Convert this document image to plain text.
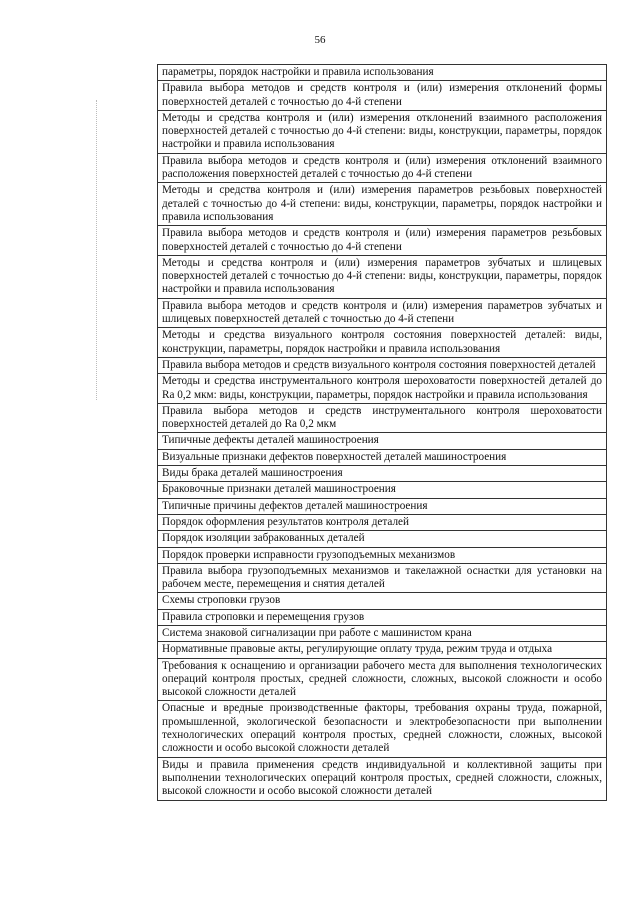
56
параметры, порядок настройки и правила использования
Правила выбора методов и средств контроля и (или) измерения отклонений формы поверхностей деталей с точностью до 4-й степени
Методы и средства контроля и (или) измерения отклонений взаимного расположения поверхностей деталей с точностью до 4-й степени: виды, конструкции, параметры, порядок настройки и правила использования
Правила выбора методов и средств контроля и (или) измерения отклонений взаимного расположения поверхностей деталей с точностью до 4-й степени
Методы и средства контроля и (или) измерения параметров резьбовых поверхностей деталей с точностью до 4-й степени: виды, конструкции, параметры, порядок настройки и правила использования
Правила выбора методов и средств контроля и (или) измерения параметров резьбовых поверхностей деталей с точностью до 4-й степени
Методы и средства контроля и (или) измерения параметров зубчатых и шлицевых поверхностей деталей с точностью до 4-й степени: виды, конструкции, параметры, порядок настройки и правила использования
Правила выбора методов и средств контроля и (или) измерения параметров зубчатых и шлицевых поверхностей деталей с точностью до 4-й степени
Методы и средства визуального контроля состояния поверхностей деталей: виды, конструкции, параметры, порядок настройки и правила использования
Правила выбора методов и средств визуального контроля состояния поверхностей деталей
Методы и средства инструментального контроля шероховатости поверхностей деталей до Ra 0,2 мкм: виды, конструкции, параметры, порядок настройки и правила использования
Правила выбора методов и средств инструментального контроля шероховатости поверхностей деталей до Ra 0,2 мкм
Типичные дефекты деталей машиностроения
Визуальные признаки дефектов поверхностей деталей машиностроения
Виды брака деталей машиностроения
Браковочные признаки деталей машиностроения
Типичные причины дефектов деталей машиностроения
Порядок оформления результатов контроля деталей
Порядок изоляции забракованных деталей
Порядок проверки исправности грузоподъемных механизмов
Правила выбора грузоподъемных механизмов и такелажной оснастки для установки на рабочем месте, перемещения и снятия деталей
Схемы строповки грузов
Правила строповки и перемещения грузов
Система знаковой сигнализации при работе с машинистом крана
Нормативные правовые акты, регулирующие оплату труда, режим труда и отдыха
Требования к оснащению и организации рабочего места для выполнения технологических операций контроля простых, средней сложности, сложных, высокой сложности и особо высокой сложности деталей
Опасные и вредные производственные факторы, требования охраны труда, пожарной, промышленной, экологической безопасности и электробезопасности при выполнении технологических операций контроля простых, средней сложности, сложных, высокой сложности и особо высокой сложности деталей
Виды и правила применения средств индивидуальной и коллективной защиты при выполнении технологических операций контроля простых, средней сложности, сложных, высокой сложности и особо высокой сложности деталей
